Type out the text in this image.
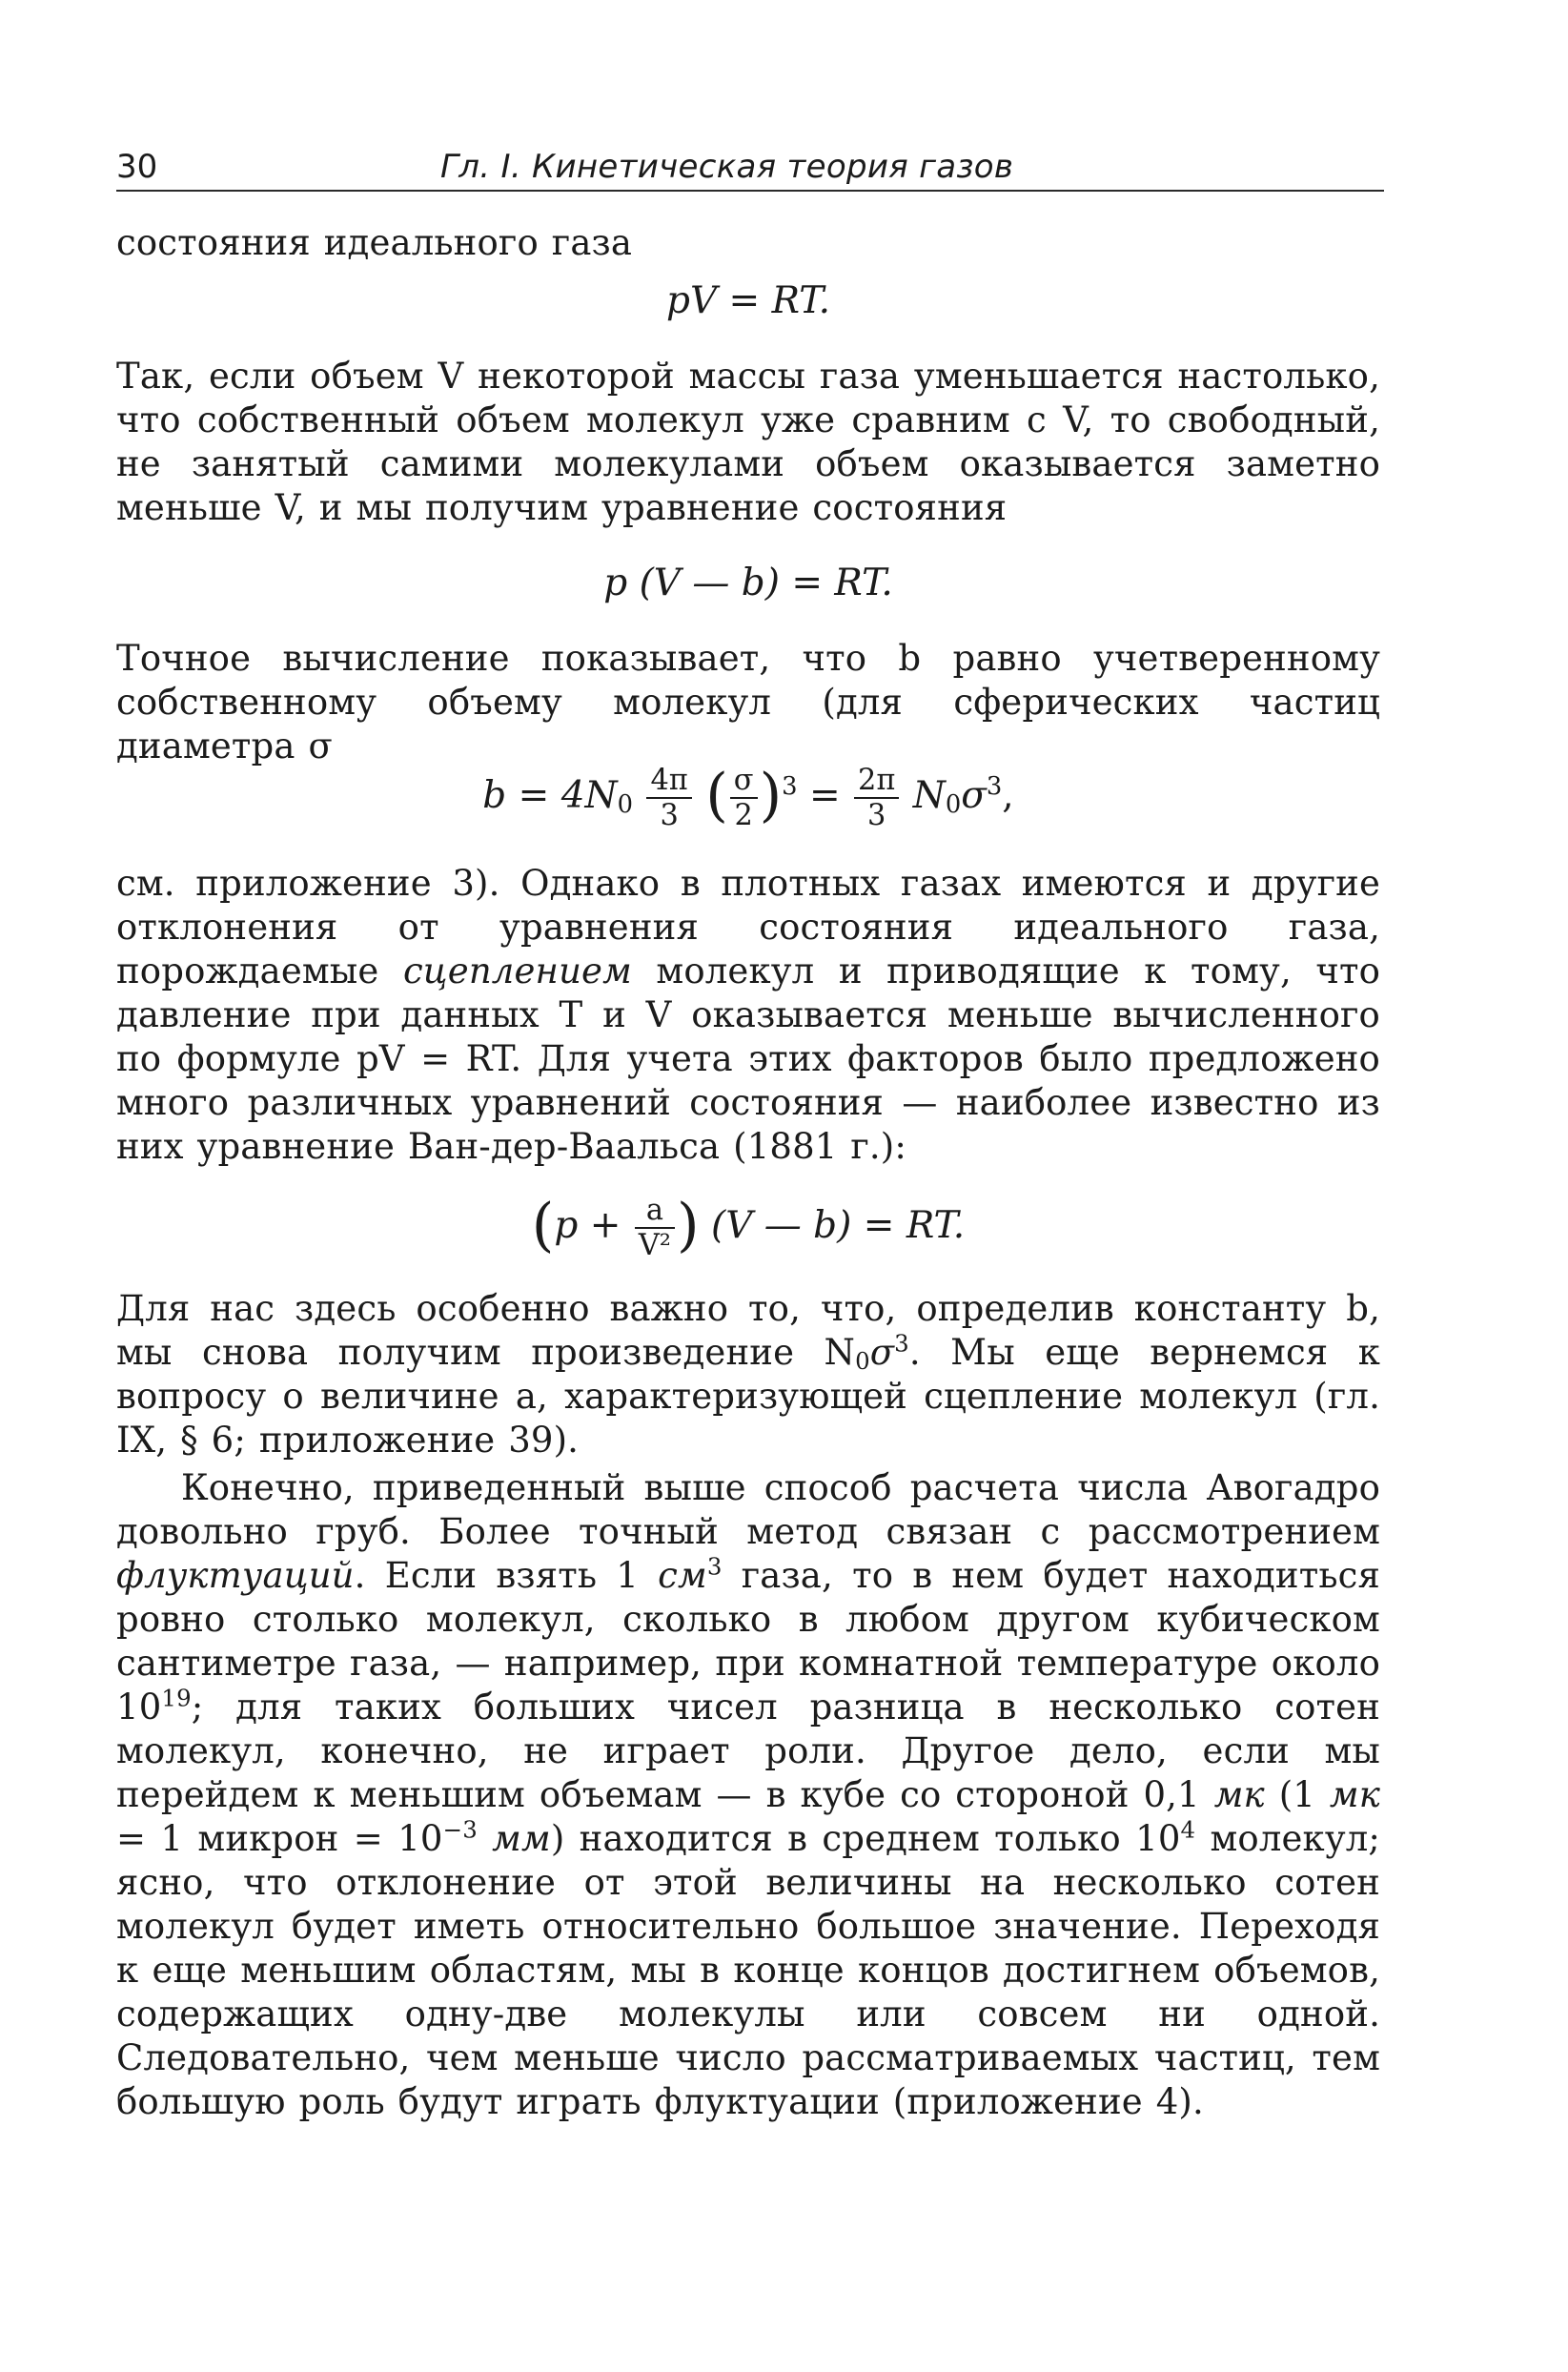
30	Гл. I. Кинетическая теория газов
состояния идеального газа
pV = RT.
Так, если объем V некоторой массы газа уменьшается настолько, что собственный объем молекул уже сравним с V, то свободный, не занятый самими молекулами объем оказывается заметно меньше V, и мы получим уравнение состояния
p (V — b) = RT.
Точное вычисление показывает, что b равно учетверенному собственному объему молекул (для сферических частиц диаметра σ
$b = 4N_0 \frac{4\pi}{3}$ ( $\frac{\sigma}{2} )^3 = \frac{2\pi}{3} N_0\sigma^3$,
см. приложение 3). Однако в плотных газах имеются и другие отклонения от уравнения состояния идеального газа, порождаемые сцеплением молекул и приводящие к тому, что давление при данных T и V оказывается меньше вычисленного по формуле pV = RT. Для учета этих факторов было предложено много различных уравнений состояния — наиболее известно из них уравнение Ван-дер-Ваальса (1881 г.):
($p + \frac{a}{\text{V²}}$ ) (V — b) = RT.
Для нас здесь особенно важно то, что, определив константу b, мы снова получим произведение $N_0\sigma^3$. Мы еще вернемся к вопросу о величине a, характеризующей сцепление молекул (гл. IX, § 6; приложение 39).
Конечно, приведенный выше способ расчета числа Авогадро довольно груб. Более точный метод связан с рассмотрением флуктуаций. Если взять 1 $см^3$ газа, то в нем будет находиться ровно столько молекул, сколько в любом другом кубическом сантиметре газа, — например, при комнатной температуре около $10^{19}$; для таких больших чисел разница в несколько сотен молекул, конечно, не играет роли. Другое дело, если мы перейдем к меньшим объемам — в кубе со стороной 0,1 мк (1 мк = 1 микрон = $10^{-3}$ мм) находится в среднем только $10^4$ молекул; ясно, что отклонение от этой величины на несколько сотен молекул будет иметь относительно большое значение. Переходя к еще меньшим областям, мы в конце концов достигнем объемов, содержащих одну-две молекулы или совсем ни одной. Следовательно, чем меньше число рассматриваемых частиц, тем большую роль будут играть флуктуации (приложение 4).
